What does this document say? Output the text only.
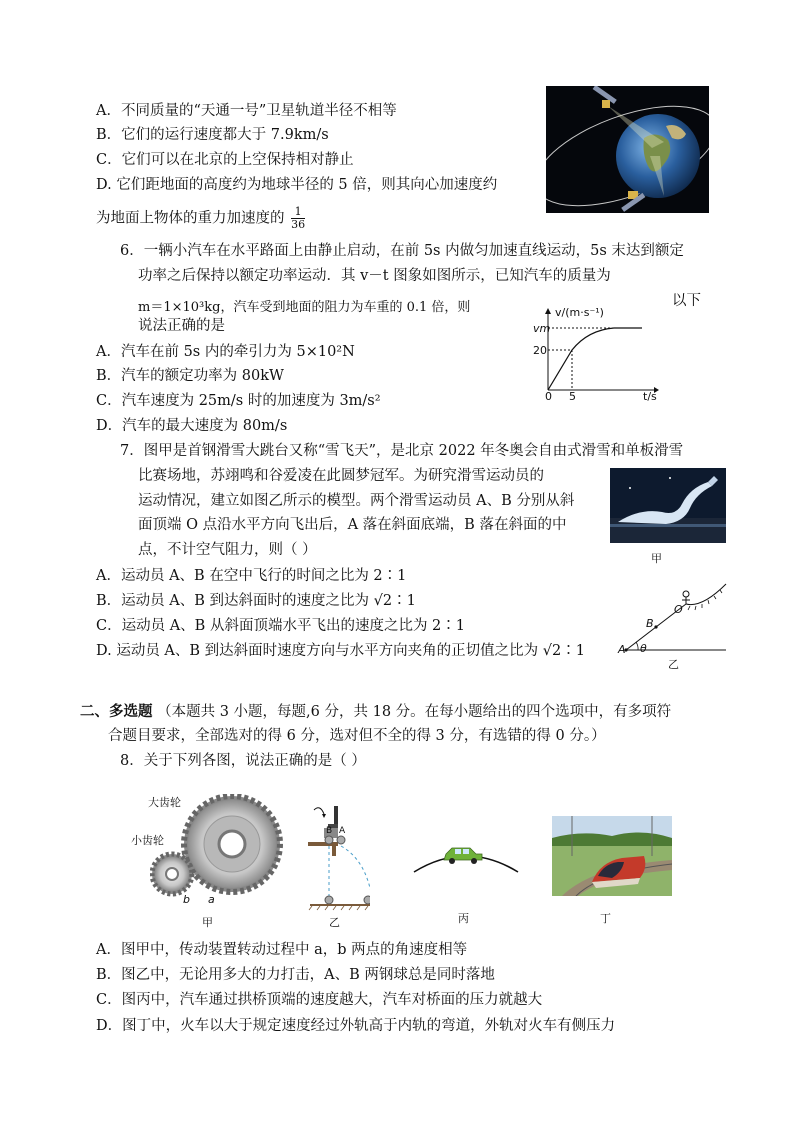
A．不同质量的“天通一号”卫星轨道半径不相等
B．它们的运行速度都大于 7.9km/s
C．它们可以在北京的上空保持相对静止
D. 它们距地面的高度约为地球半径的 5 倍，则其向心加速度约
为地面上物体的重力加速度的 $\frac{1}{36}$
6．一辆小汽车在水平路面上由静止启动，在前 5s 内做匀加速直线运动，5s 末达到额定
功率之后保持以额定功率运动．其 v－t 图象如图所示，已知汽车的质量为
m＝1×10³kg，汽车受到地面的阻力为车重的 0.1 倍，则	以下
说法正确的是
A．汽车在前 5s 内的牵引力为 5×10²N
B．汽车的额定功率为 80kW
C．汽车速度为 25m/s 时的加速度为 3m/s²
D．汽车的最大速度为 80m/s
v/(m·s⁻¹)
vm
20
0 5	t/s
7．图甲是首钢滑雪大跳台又称“雪飞天”，是北京 2022 年冬奥会自由式滑雪和单板滑雪
比赛场地，苏翊鸣和谷爱凌在此圆梦冠军。为研究滑雪运动员的
运动情况，建立如图乙所示的模型。两个滑雪运动员 A、B 分别从斜
面顶端 O 点沿水平方向飞出后，A 落在斜面底端，B 落在斜面的中
点，不计空气阻力，则（ ）
A．运动员 A、B 在空中飞行的时间之比为 2∶1
B．运动员 A、B 到达斜面时的速度之比为 √2∶1
C．运动员 A、B 从斜面顶端水平飞出的速度之比为 2∶1
D. 运动员 A、B 到达斜面时速度方向与水平方向夹角的正切值之比为 √2∶1
甲
O
B
A θ
乙
二、多选题 （本题共 3 小题，每题,6 分，共 18 分。在每小题给出的四个选项中，有多项符
合题目要求，全部选对的得 6 分，选对但不全的得 3 分，有选错的得 0 分。）
8．关于下列各图，说法正确的是（ ）
大齿轮
小齿轮
b a
甲
B A
乙	丙	丁
A．图甲中，传动装置转动过程中 a，b 两点的角速度相等
B．图乙中，无论用多大的力打击，A、B 两钢球总是同时落地
C．图丙中，汽车通过拱桥顶端的速度越大，汽车对桥面的压力就越大
D．图丁中，火车以大于规定速度经过外轨高于内轨的弯道，外轨对火车有侧压力
